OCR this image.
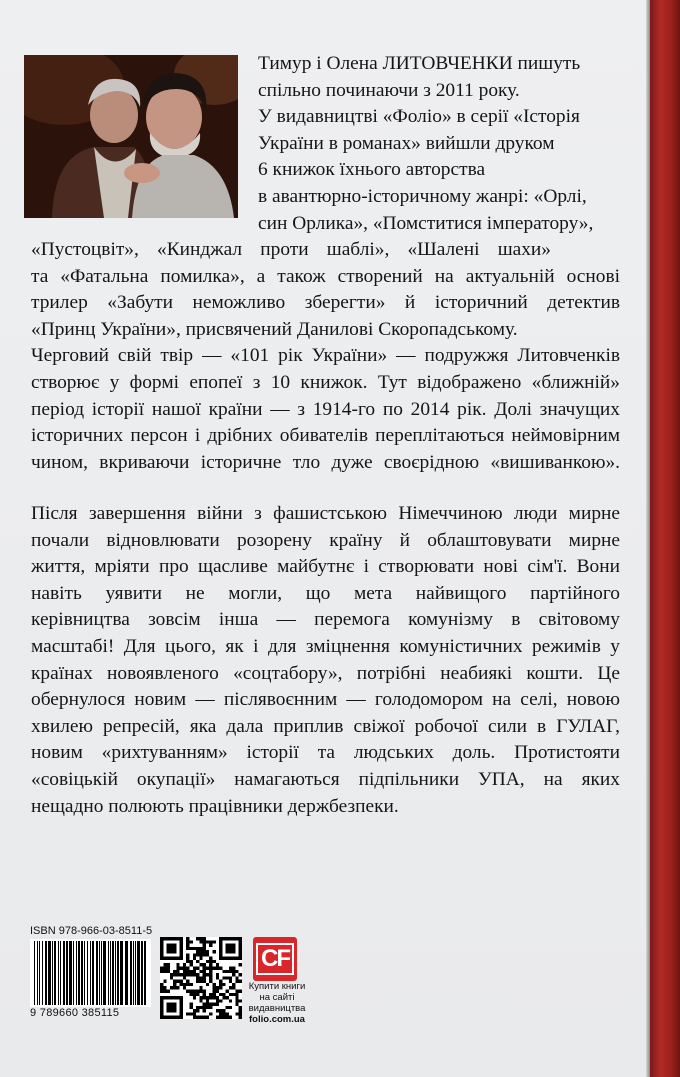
Тимур і Олена ЛИТОВЧЕНКИ пишуть
спільно починаючи з 2011 року.
У видавництві «Фоліо» в серії «Історія
України в романах» вийшли друком
6 книжок їхнього авторства
в авантюрно-історичному жанрі: «Орлі,
син Орлика», «Помститися імператору»,

«Пустоцвіт», «Кинджал проти шаблі», «Шалені шахи»
та «Фатальна помилка», а також створений на актуальній основі
трилер «Забути неможливо зберегти» й історичний детектив
«Принц України», присвячений Данилові Скоропадському.
Черговий свій твір — «101 рік України» — подружжя Литовченків
створює у формі епопеї з 10 книжок. Тут відображено «ближній»
період історії нашої країни — з 1914-го по 2014 рік. Долі значущих
історичних персон і дрібних обивателів переплітаються неймовірним
чином, вкриваючи історичне тло дуже своєрідною «вишиванкою».

Після завершення війни з фашистською Німеччиною люди мирне
почали відновлювати розорену країну й облаштовувати мирне
життя, мріяти про щасливе майбутнє і створювати нові сім'ї. Вони
навіть уявити не могли, що мета найвищого партійного
керівництва зовсім інша — перемога комунізму в світовому
масштабі! Для цього, як і для зміцнення комуністичних режимів у
країнах новоявленого «соцтабору», потрібні неабиякі кошти. Це
обернулося новим — післявоєнним — голодомором на селі, новою
хвилею репресій, яка дала приплив свіжої робочої сили в ГУЛАГ,
новим «рихтуванням» історії та людських доль. Протистояти
«совіцькій окупації» намагаються підпільники УПА, на яких
нещадно полюють працівники держбезпеки.

ISBN 978-966-03-8511-5
9 789660 385115
CF
Купити книги
на сайті
видавництва
folio.com.ua
